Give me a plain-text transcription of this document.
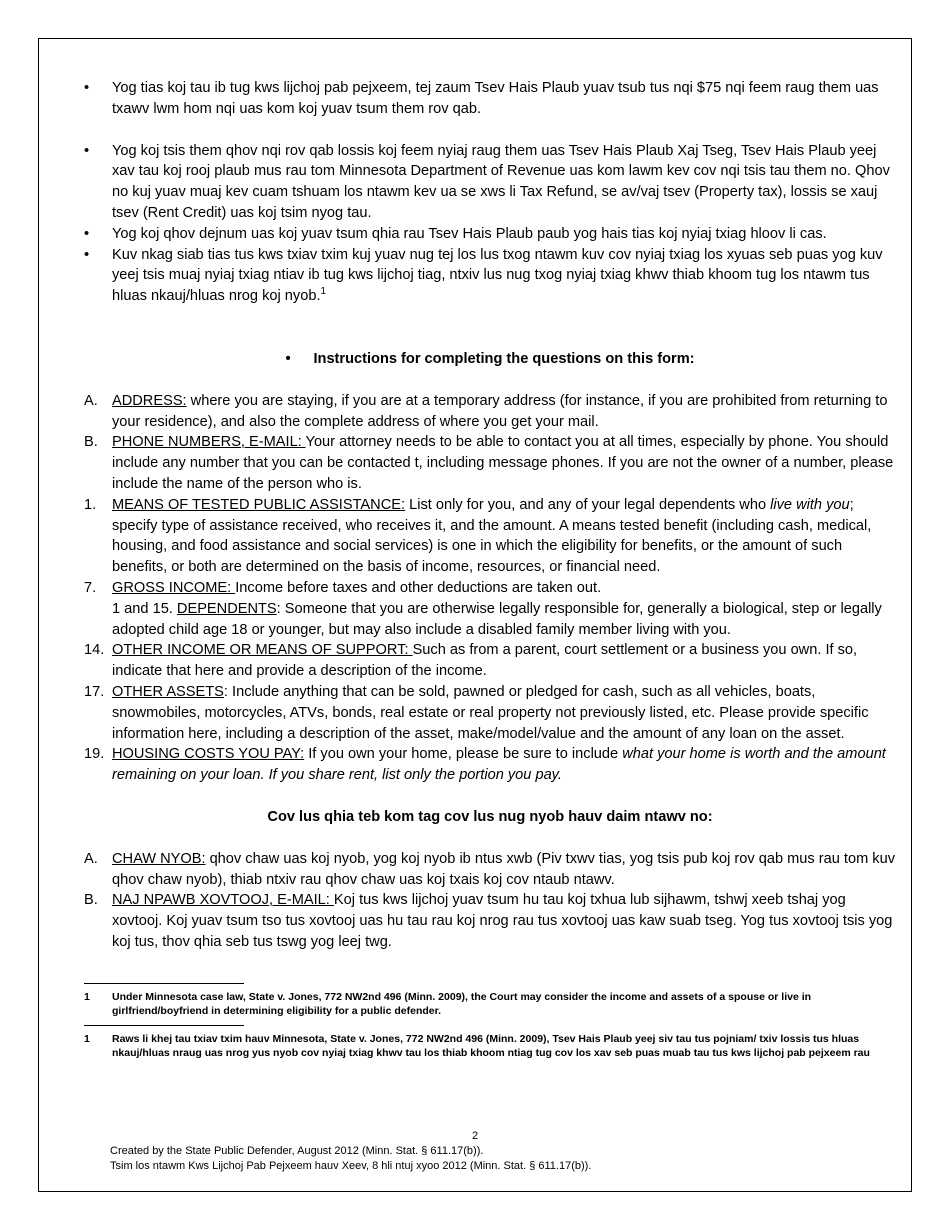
•	Yog tias koj tau ib tug kws lijchoj pab pejxeem, tej zaum Tsev Hais Plaub yuav tsub tus nqi $75 nqi feem raug them uas txawv lwm hom nqi uas kom koj yuav tsum them rov qab.

•	Yog koj tsis them qhov nqi rov qab lossis koj feem nyiaj raug them uas Tsev Hais Plaub Xaj Tseg, Tsev Hais Plaub yeej xav tau koj rooj plaub mus rau tom Minnesota Department of Revenue uas kom lawm kev cov nqi tsis tau them no. Qhov no kuj yuav muaj kev cuam tshuam los ntawm kev ua se xws li Tax Refund, se av/vaj tsev (Property tax), lossis se xauj tsev (Rent Credit) uas koj tsim nyog tau.

•	Yog koj qhov dejnum uas koj yuav tsum qhia rau Tsev Hais Plaub paub yog hais tias koj nyiaj txiag hloov li cas.

•	Kuv nkag siab tias tus kws txiav txim kuj yuav nug tej los lus txog ntawm kuv cov nyiaj txiag los xyuas seb puas yog kuv yeej tsis muaj nyiaj txiag ntiav ib tug kws lijchoj tiag, ntxiv lus nug txog nyiaj txiag khwv thiab khoom tug los ntawm tus hluas nkauj/hluas nrog koj nyob.$^1$

• Instructions for completing the questions on this form:

A. ADDRESS: where you are staying, if you are at a temporary address (for instance, if you are prohibited from returning to your residence), and also the complete address of where you get your mail.

B. PHONE NUMBERS, E-MAIL: Your attorney needs to be able to contact you at all times, especially by phone. You should include any number that you can be contacted t, including message phones. If you are not the owner of a number, please include the name of the person who is.

1.	MEANS OF TESTED PUBLIC ASSISTANCE: List only for you, and any of your legal dependents who live with you; specify type of assistance received, who receives it, and the amount. A means tested benefit (including cash, medical, housing, and food assistance and social services) is one in which the eligibility for benefits, or the amount of such benefits, or both are determined on the basis of income, resources, or financial need.

7.	GROSS INCOME: Income before taxes and other deductions are taken out.

1 and 15. DEPENDENTS: Someone that you are otherwise legally responsible for, generally a biological, step or legally adopted child age 18 or younger, but may also include a disabled family member living with you.

14. OTHER INCOME OR MEANS OF SUPPORT: Such as from a parent, court settlement or a business you own. If so, indicate that here and provide a description of the income.

17. OTHER ASSETS: Include anything that can be sold, pawned or pledged for cash, such as all vehicles, boats, snowmobiles, motorcycles, ATVs, bonds, real estate or real property not previously listed, etc. Please provide specific information here, including a description of the asset, make/model/value and the amount of any loan on the asset.

19. HOUSING COSTS YOU PAY: If you own your home, please be sure to include what your home is worth and the amount remaining on your loan. If you share rent, list only the portion you pay.

Cov lus qhia teb kom tag cov lus nug nyob hauv daim ntawv no:

A. CHAW NYOB: qhov chaw uas koj nyob, yog koj nyob ib ntus xwb (Piv txwv tias, yog tsis pub koj rov qab mus rau tom kuv qhov chaw nyob), thiab ntxiv rau qhov chaw uas koj txais koj cov ntaub ntawv.

B. NAJ NPAWB XOVTOOJ, E-MAIL: Koj tus kws lijchoj yuav tsum hu tau koj txhua lub sijhawm, tshwj xeeb tshaj yog xovtooj. Koj yuav tsum tso tus xovtooj uas hu tau rau koj nrog rau tus xovtooj uas kaw suab tseg. Yog tus xovtooj tsis yog koj tus, thov qhia seb tus tswg yog leej twg.

1	Under Minnesota case law, State v. Jones, 772 NW2nd 496 (Minn. 2009), the Court may consider the income and assets of a spouse or live in girlfriend/boyfriend in determining eligibility for a public defender.
1	Raws li khej tau txiav txim hauv Minnesota, State v. Jones, 772 NW2nd 496 (Minn. 2009), Tsev Hais Plaub yeej siv tau tus pojniam/ txiv lossis tus hluas nkauj/hluas nraug uas nrog yus nyob cov nyiaj txiag khwv tau los thiab khoom ntiag tug cov los xav seb puas muab tau tus kws lijchoj pab pejxeem rau
2
Created by the State Public Defender, August 2012 (Minn. Stat. § 611.17(b)).
Tsim los ntawm Kws Lijchoj Pab Pejxeem hauv Xeev, 8 hli ntuj xyoo 2012 (Minn. Stat. § 611.17(b)).
